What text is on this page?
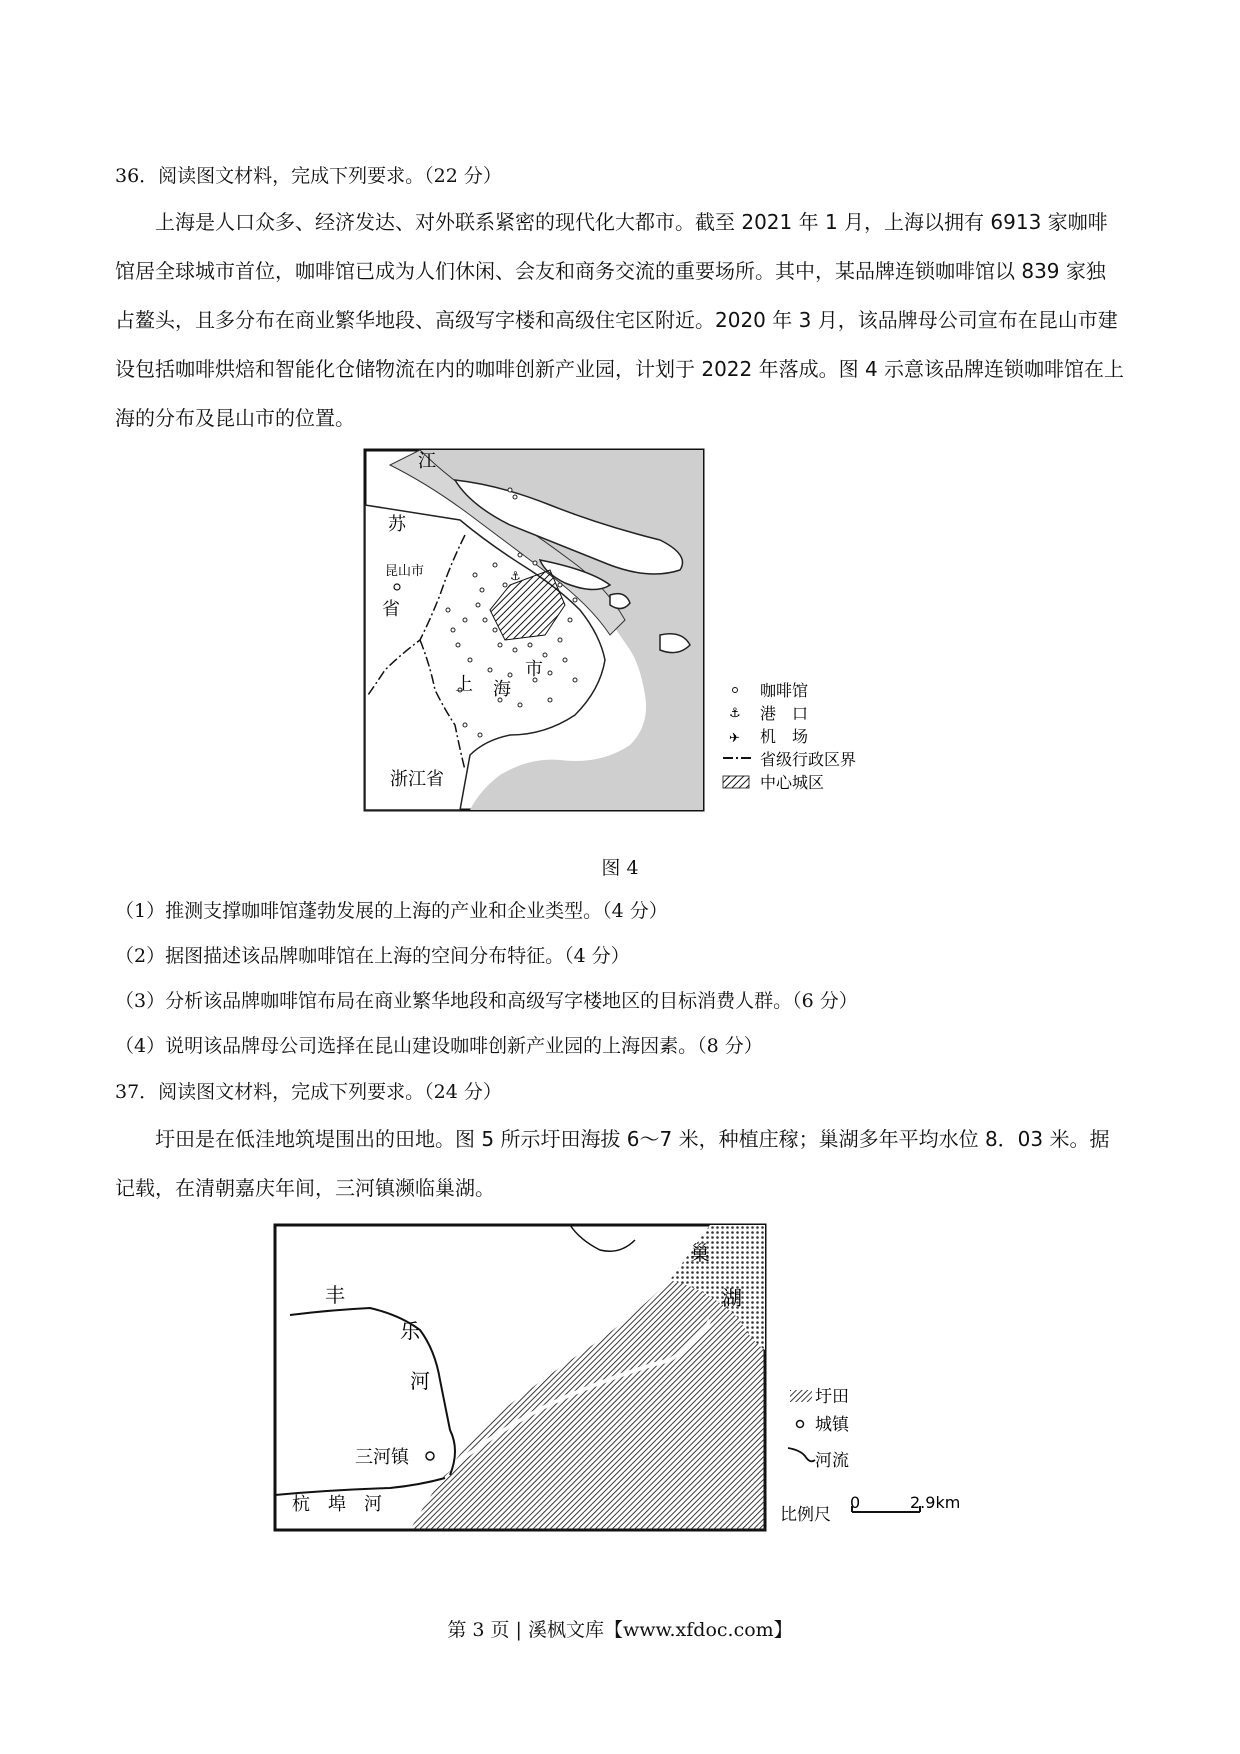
36．阅读图文材料，完成下列要求。（22 分）

上海是人口众多、经济发达、对外联系紧密的现代化大都市。截至 2021 年 1 月，上海以拥有 6913 家咖啡馆居全球城市首位，咖啡馆已成为人们休闲、会友和商务交流的重要场所。其中，某品牌连锁咖啡馆以 839 家独占鳌头，且多分布在商业繁华地段、高级写字楼和高级住宅区附近。2020 年 3 月，该品牌母公司宣布在昆山市建设包括咖啡烘焙和智能化仓储物流在内的咖啡创新产业园，计划于 2022 年落成。图 4 示意该品牌连锁咖啡馆在上海的分布及昆山市的位置。

⚓
江
苏
省
昆山市
上 海
市
浙江省
咖啡馆
⚓ 港　口
✈ 机　场
省级行政区界
中心城区
图 4
（1）推测支撑咖啡馆蓬勃发展的上海的产业和企业类型。（4 分）
（2）据图描述该品牌咖啡馆在上海的空间分布特征。（4 分）
（3）分析该品牌咖啡馆布局在商业繁华地段和高级写字楼地区的目标消费人群。（6 分）
（4）说明该品牌母公司选择在昆山建设咖啡创新产业园的上海因素。（8 分）
37．阅读图文材料，完成下列要求。（24 分）

圩田是在低洼地筑堤围出的田地。图 5 所示圩田海拔 6～7 米，种植庄稼；巢湖多年平均水位 8．03 米。据记载，在清朝嘉庆年间，三河镇濒临巢湖。

巢
湖
丰
乐
河
三河镇
杭　埠　河
圩田
城镇
河流
比例尺
0	2.9km
第 3 页 | 溪枫文库【www.xfdoc.com】
